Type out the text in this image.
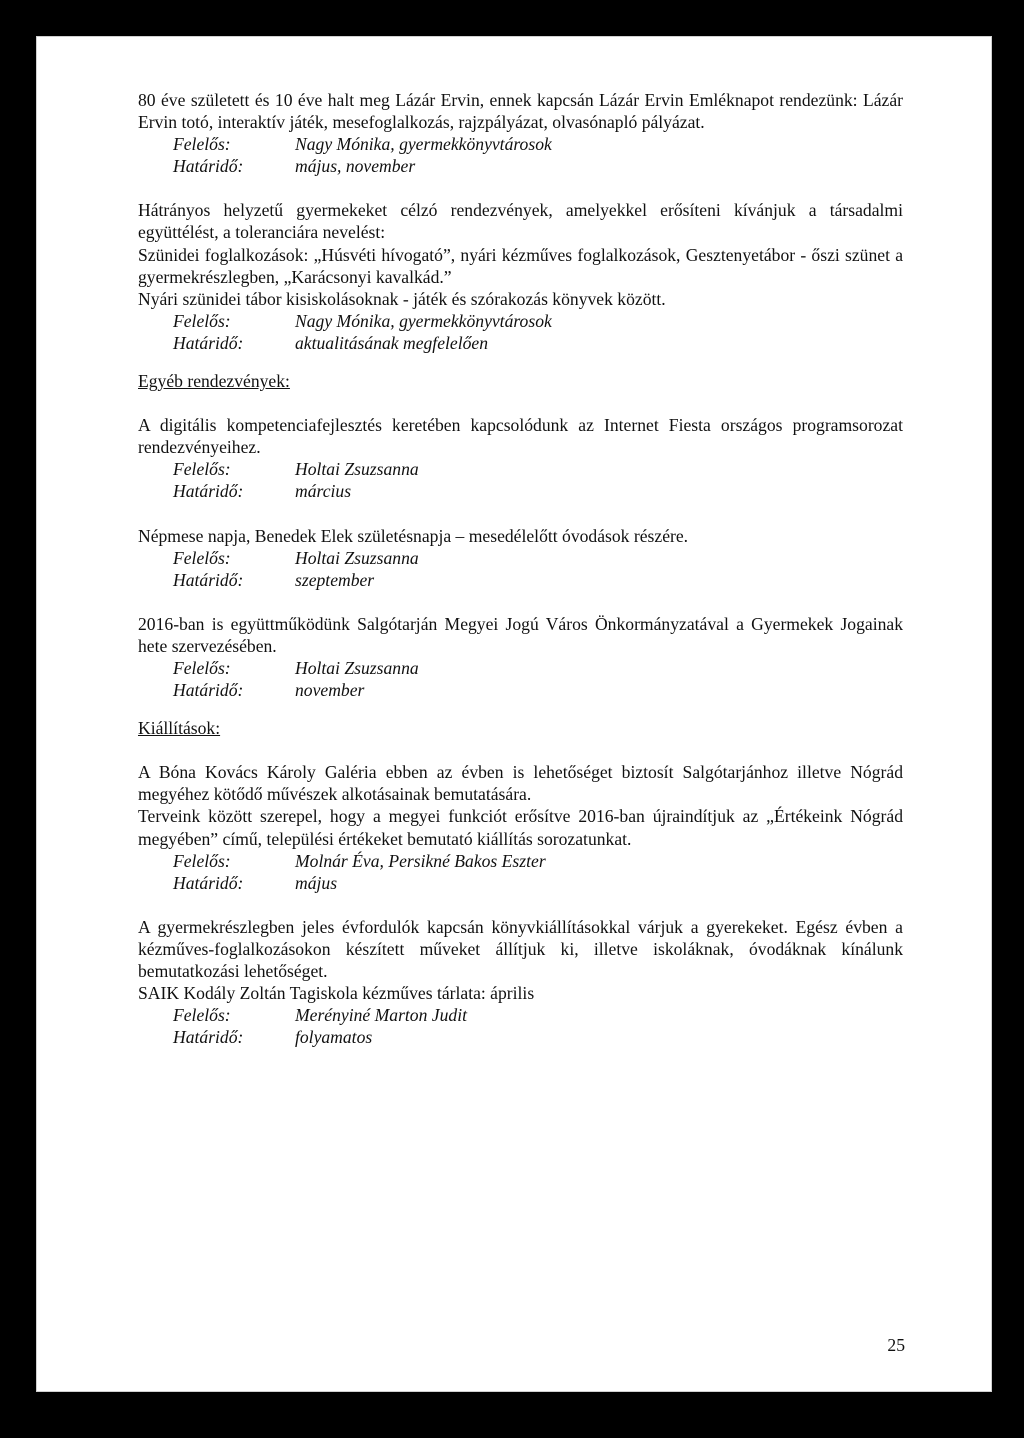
80 éve született és 10 éve halt meg Lázár Ervin, ennek kapcsán Lázár Ervin Emléknapot rendezünk: Lázár Ervin totó, interaktív játék, mesefoglalkozás, rajzpályázat, olvasónapló pályázat.

Felelős:	Nagy Mónika, gyermekkönyvtárosok

Határidő:	május, november

Hátrányos helyzetű gyermekeket célzó rendezvények, amelyekkel erősíteni kívánjuk a társadalmi együttélést, a toleranciára nevelést:

Szünidei foglalkozások: „Húsvéti hívogató”, nyári kézműves foglalkozások, Gesztenyetábor - őszi szünet a gyermekrészlegben, „Karácsonyi kavalkád.”

Nyári szünidei tábor kisiskolásoknak - játék és szórakozás könyvek között.

Felelős:	Nagy Mónika, gyermekkönyvtárosok

Határidő:	aktualitásának megfelelően

Egyéb rendezvények:

A digitális kompetenciafejlesztés keretében kapcsolódunk az Internet Fiesta országos programsorozat rendezvényeihez.

Felelős:	Holtai Zsuzsanna

Határidő:	március

Népmese napja, Benedek Elek születésnapja – mesedélelőtt óvodások részére.

Felelős:	Holtai Zsuzsanna

Határidő:	szeptember

2016-ban is együttműködünk Salgótarján Megyei Jogú Város Önkormányzatával a Gyermekek Jogainak hete szervezésében.

Felelős:	Holtai Zsuzsanna

Határidő:	november

Kiállítások:

A Bóna Kovács Károly Galéria ebben az évben is lehetőséget biztosít Salgótarjánhoz illetve Nógrád megyéhez kötődő művészek alkotásainak bemutatására.

Terveink között szerepel, hogy a megyei funkciót erősítve 2016-ban újraindítjuk az „Értékeink Nógrád megyében” című, települési értékeket bemutató kiállítás sorozatunkat.

Felelős:	Molnár Éva, Persikné Bakos Eszter

Határidő:	május

A gyermekrészlegben jeles évfordulók kapcsán könyvkiállításokkal várjuk a gyerekeket. Egész évben a kézműves-foglalkozásokon készített műveket állítjuk ki, illetve iskoláknak, óvodáknak kínálunk bemutatkozási lehetőséget.

SAIK Kodály Zoltán Tagiskola kézműves tárlata: április

Felelős:	Merényiné Marton Judit

Határidő:	folyamatos

25
